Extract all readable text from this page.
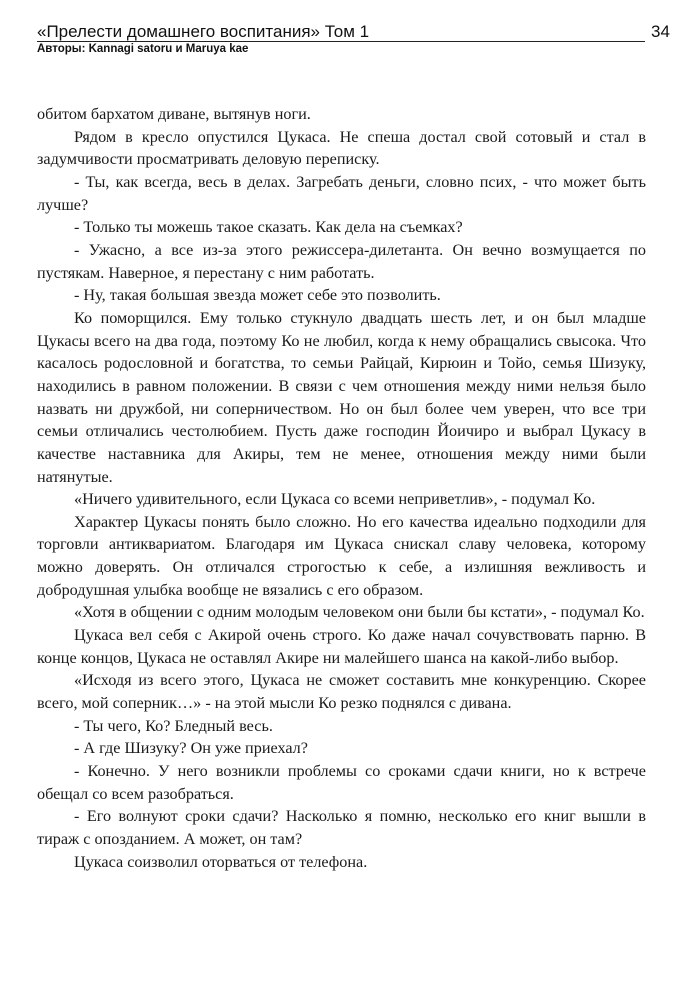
«Прелести домашнего воспитания» Том 1
Авторы: Kannagi satoru и Maruya kae
34

обитом бархатом диване, вытянув ноги.

Рядом в кресло опустился Цукаса. Не спеша достал свой сотовый и стал в задумчивости просматривать деловую переписку.

- Ты, как всегда, весь в делах. Загребать деньги, словно псих, - что может быть лучше?

- Только ты можешь такое сказать. Как дела на съемках?

- Ужасно, а все из-за этого режиссера-дилетанта. Он вечно возмущается по пустякам. Наверное, я перестану с ним работать.

- Ну, такая большая звезда может себе это позволить.

Ко поморщился. Ему только стукнуло двадцать шесть лет, и он был младше Цукасы всего на два года, поэтому Ко не любил, когда к нему обращались свысока. Что касалось родословной и богатства, то семьи Райцай, Кирюин и Тойо, семья Шизуку, находились в равном положении. В связи с чем отношения между ними нельзя было назвать ни дружбой, ни соперничеством. Но он был более чем уверен, что все три семьи отличались честолюбием. Пусть даже господин Йоичиро и выбрал Цукасу в качестве наставника для Акиры, тем не менее, отношения между ними были натянутые.

«Ничего удивительного, если Цукаса со всеми неприветлив», - подумал Ко.

Характер Цукасы понять было сложно. Но его качества идеально подходили для торговли антиквариатом. Благодаря им Цукаса снискал славу человека, которому можно доверять. Он отличался строгостью к себе, а излишняя вежливость и добродушная улыбка вообще не вязались с его образом.

«Хотя в общении с одним молодым человеком они были бы кстати», - подумал Ко.

Цукаса вел себя с Акирой очень строго. Ко даже начал сочувствовать парню. В конце концов, Цукаса не оставлял Акире ни малейшего шанса на какой-либо выбор.

«Исходя из всего этого, Цукаса не сможет составить мне конкуренцию. Скорее всего, мой соперник…» - на этой мысли Ко резко поднялся с дивана.

- Ты чего, Ко? Бледный весь.

- А где Шизуку? Он уже приехал?

- Конечно. У него возникли проблемы со сроками сдачи книги, но к встрече обещал со всем разобраться.

- Его волнуют сроки сдачи? Насколько я помню, несколько его книг вышли в тираж с опозданием. А может, он там?

Цукаса соизволил оторваться от телефона.
